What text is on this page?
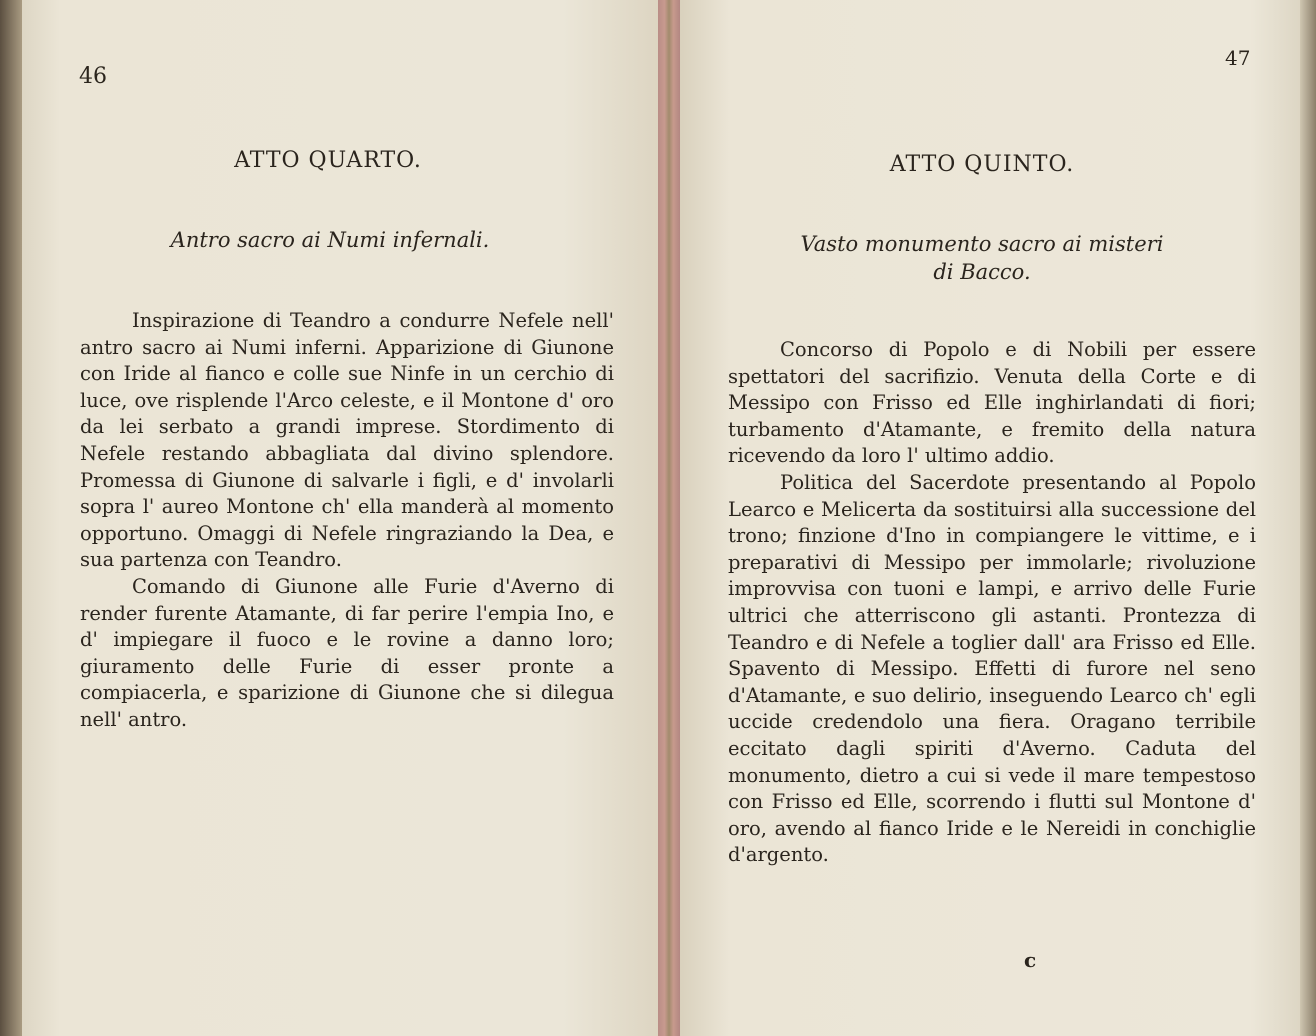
46
ATTO QUARTO.
Antro sacro ai Numi infernali.

Inspirazione di Teandro a condurre Nefele nell' antro sacro ai Numi inferni. Apparizione di Giunone con Iride al fianco e colle sue Ninfe in un cerchio di luce, ove risplende l'Arco celeste, e il Montone d' oro da lei serbato a grandi imprese. Stordimento di Nefele restando abbagliata dal divino splendore. Promessa di Giunone di salvarle i figli, e d' involarli sopra l' aureo Montone ch' ella manderà al momento opportuno. Omaggi di Nefele ringraziando la Dea, e sua partenza con Teandro.

Comando di Giunone alle Furie d'Averno di render furente Atamante, di far perire l'empia Ino, e d' impiegare il fuoco e le rovine a danno loro; giuramento delle Furie di esser pronte a compiacerla, e sparizione di Giunone che si dilegua nell' antro.

47
ATTO QUINTO.
Vasto monumento sacro ai misteri
di Bacco.

Concorso di Popolo e di Nobili per essere spettatori del sacrifizio. Venuta della Corte e di Messipo con Frisso ed Elle inghirlandati di fiori; turbamento d'Atamante, e fremito della natura ricevendo da loro l' ultimo addio.

Politica del Sacerdote presentando al Popolo Learco e Melicerta da sostituirsi alla successione del trono; finzione d'Ino in compiangere le vittime, e i preparativi di Messipo per immolarle; rivoluzione improvvisa con tuoni e lampi, e arrivo delle Furie ultrici che atterriscono gli astanti. Prontezza di Teandro e di Nefele a toglier dall' ara Frisso ed Elle. Spavento di Messipo. Effetti di furore nel seno d'Atamante, e suo delirio, inseguendo Learco ch' egli uccide credendolo una fiera. Oragano terribile eccitato dagli spiriti d'Averno. Caduta del monumento, dietro a cui si vede il mare tempestoso con Frisso ed Elle, scorrendo i flutti sul Montone d' oro, avendo al fianco Iride e le Nereidi in conchiglie d'argento.

c
